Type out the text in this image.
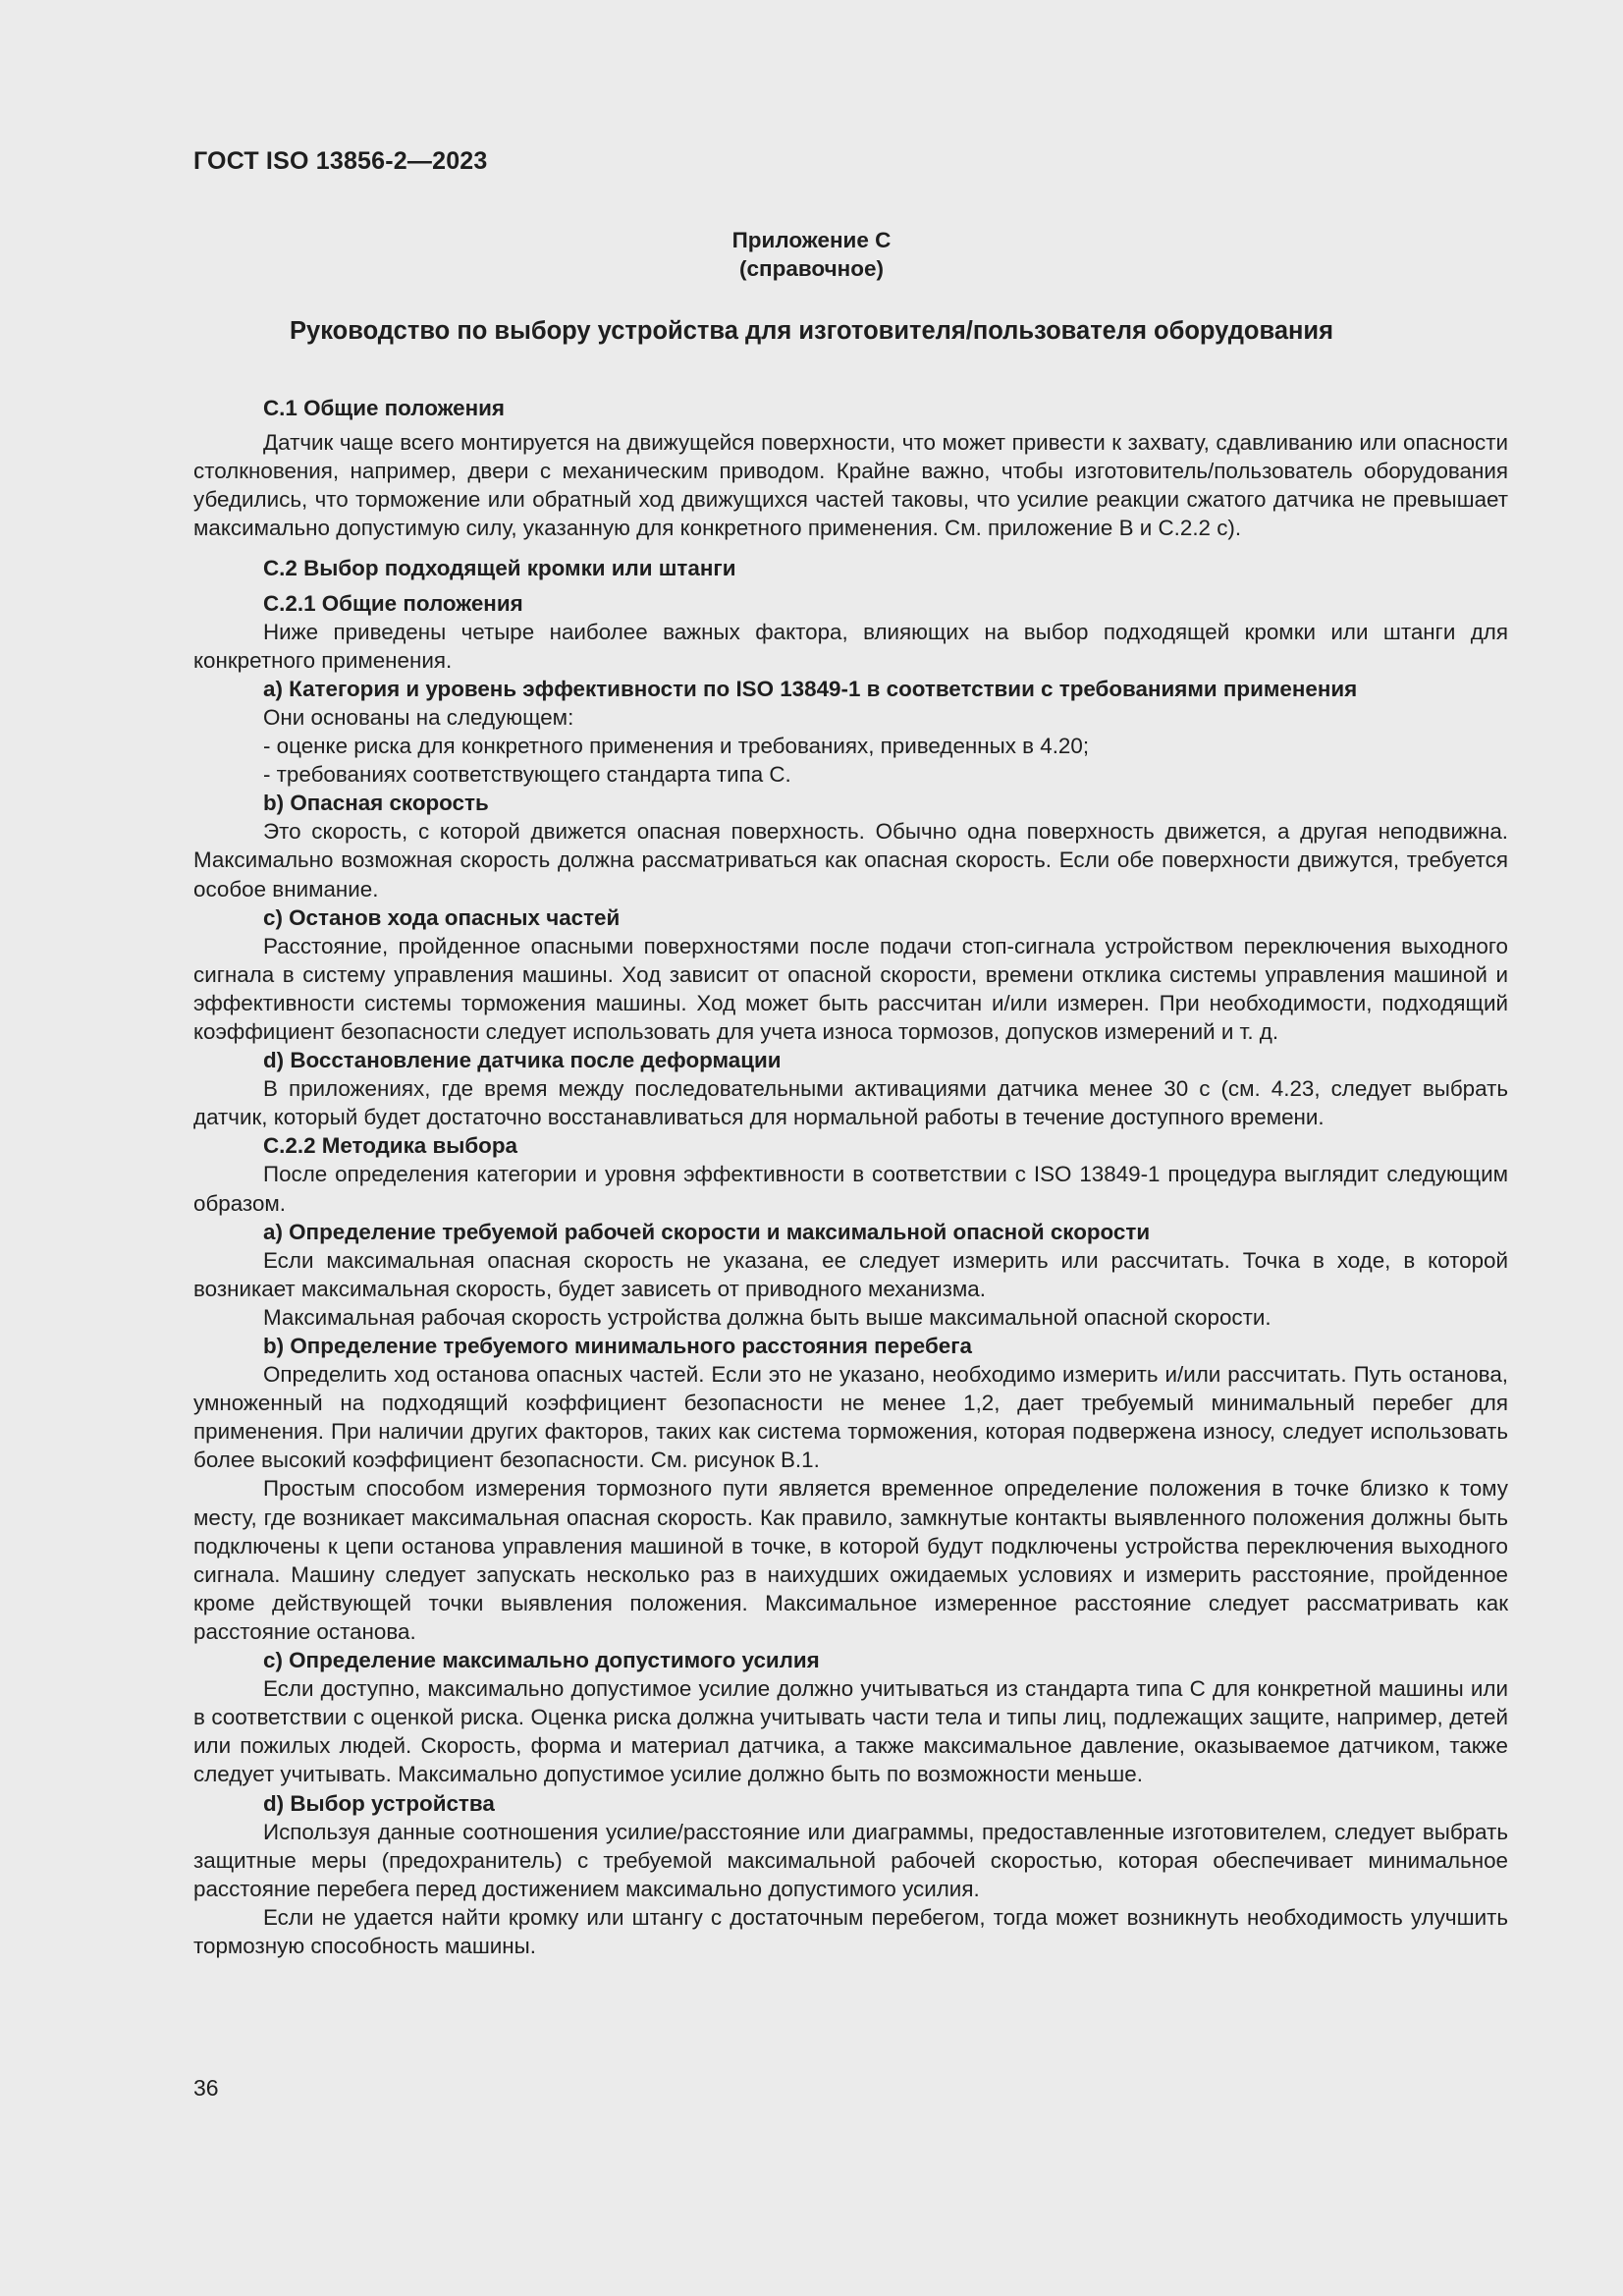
ГОСТ ISO 13856-2—2023
Приложение С
(справочное)
Руководство по выбору устройства для изготовителя/пользователя оборудования
С.1 Общие положения

Датчик чаще всего монтируется на движущейся поверхности, что может привести к захвату, сдавливанию или опасности столкновения, например, двери с механическим приводом. Крайне важно, чтобы изготовитель/пользователь оборудования убедились, что торможение или обратный ход движущихся частей таковы, что усилие реакции сжатого датчика не превышает максимально допустимую силу, указанную для конкретного применения. См. приложение В и С.2.2 с).

С.2 Выбор подходящей кромки или штанги
С.2.1 Общие положения

Ниже приведены четыре наиболее важных фактора, влияющих на выбор подходящей кромки или штанги для конкретного применения.

а) Категория и уровень эффективности по ISO 13849-1 в соответствии с требованиями применения
Они основаны на следующем:
- оценке риска для конкретного применения и требованиях, приведенных в 4.20;
- требованиях соответствующего стандарта типа С.
b) Опасная скорость

Это скорость, с которой движется опасная поверхность. Обычно одна поверхность движется, а другая неподвижна. Максимально возможная скорость должна рассматриваться как опасная скорость. Если обе поверхности движутся, требуется особое внимание.

с) Останов хода опасных частей

Расстояние, пройденное опасными поверхностями после подачи стоп-сигнала устройством переключения выходного сигнала в систему управления машины. Ход зависит от опасной скорости, времени отклика системы управления машиной и эффективности системы торможения машины. Ход может быть рассчитан и/или измерен. При необходимости, подходящий коэффициент безопасности следует использовать для учета износа тормозов, допусков измерений и т. д.

d) Восстановление датчика после деформации

В приложениях, где время между последовательными активациями датчика менее 30 с (см. 4.23, следует выбрать датчик, который будет достаточно восстанавливаться для нормальной работы в течение доступного времени.

С.2.2 Методика выбора

После определения категории и уровня эффективности в соответствии с ISO 13849-1 процедура выглядит следующим образом.

а) Определение требуемой рабочей скорости и максимальной опасной скорости

Если максимальная опасная скорость не указана, ее следует измерить или рассчитать. Точка в ходе, в которой возникает максимальная скорость, будет зависеть от приводного механизма.

Максимальная рабочая скорость устройства должна быть выше максимальной опасной скорости.

b) Определение требуемого минимального расстояния перебега

Определить ход останова опасных частей. Если это не указано, необходимо измерить и/или рассчитать. Путь останова, умноженный на подходящий коэффициент безопасности не менее 1,2, дает требуемый минимальный перебег для применения. При наличии других факторов, таких как система торможения, которая подвержена износу, следует использовать более высокий коэффициент безопасности. См. рисунок В.1.

Простым способом измерения тормозного пути является временное определение положения в точке близко к тому месту, где возникает максимальная опасная скорость. Как правило, замкнутые контакты выявленного положения должны быть подключены к цепи останова управления машиной в точке, в которой будут подключены устройства переключения выходного сигнала. Машину следует запускать несколько раз в наихудших ожидаемых условиях и измерить расстояние, пройденное кроме действующей точки выявления положения. Максимальное измеренное расстояние следует рассматривать как расстояние останова.

с) Определение максимально допустимого усилия

Если доступно, максимально допустимое усилие должно учитываться из стандарта типа С для конкретной машины или в соответствии с оценкой риска. Оценка риска должна учитывать части тела и типы лиц, подлежащих защите, например, детей или пожилых людей. Скорость, форма и материал датчика, а также максимальное давление, оказываемое датчиком, также следует учитывать. Максимально допустимое усилие должно быть по возможности меньше.

d) Выбор устройства

Используя данные соотношения усилие/расстояние или диаграммы, предоставленные изготовителем, следует выбрать защитные меры (предохранитель) с требуемой максимальной рабочей скоростью, которая обеспечивает минимальное расстояние перебега перед достижением максимально допустимого усилия.

Если не удается найти кромку или штангу с достаточным перебегом, тогда может возникнуть необходимость улучшить тормозную способность машины.

36
